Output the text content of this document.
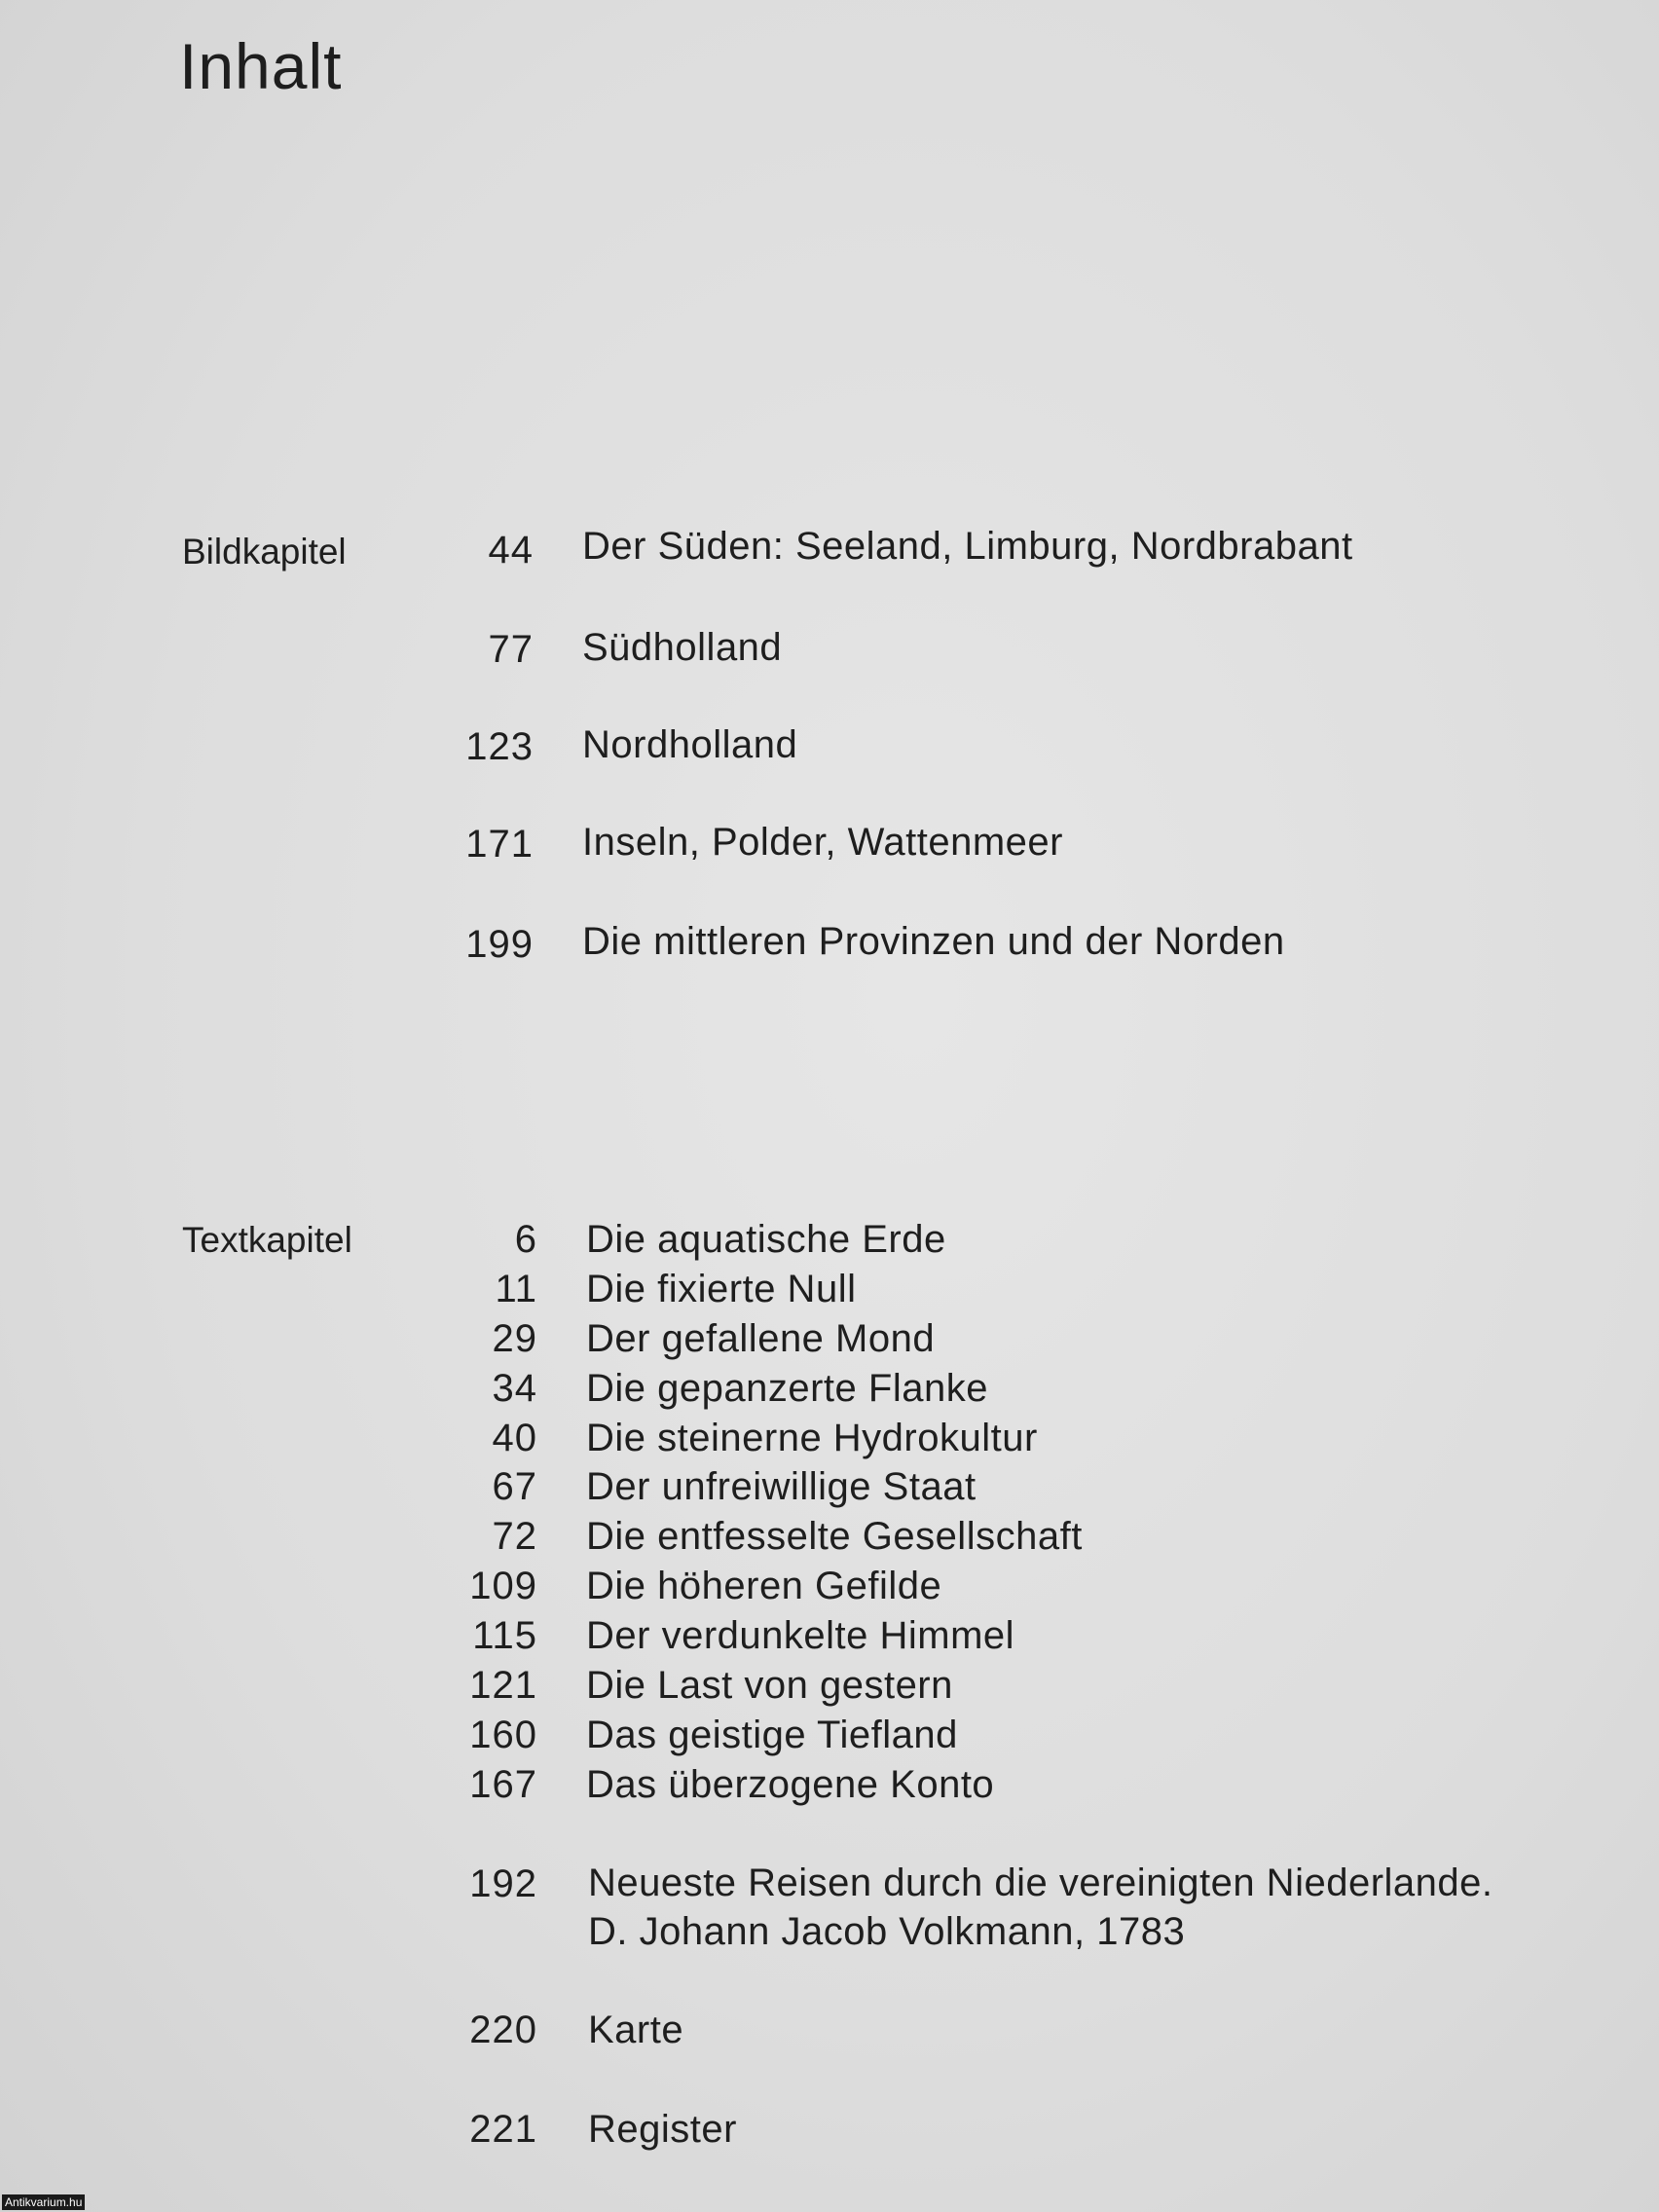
Inhalt
Bildkapitel	44 Der Süden: Seeland, Limburg, Nordbrabant
77 Südholland
123 Nordholland
171 Inseln, Polder, Wattenmeer
199 Die mittleren Provinzen und der Norden
Textkapitel	6 Die aquatische Erde
11 Die fixierte Null
29 Der gefallene Mond
34 Die gepanzerte Flanke
40 Die steinerne Hydrokultur
67 Der unfreiwillige Staat
72 Die entfesselte Gesellschaft
109 Die höheren Gefilde
115 Der verdunkelte Himmel
121 Die Last von gestern
160 Das geistige Tiefland
167 Das überzogene Konto
192 Neueste Reisen durch die vereinigten Niederlande.
D. Johann Jacob Volkmann, 1783
220 Karte
221 Register
Antikvarium.hu
